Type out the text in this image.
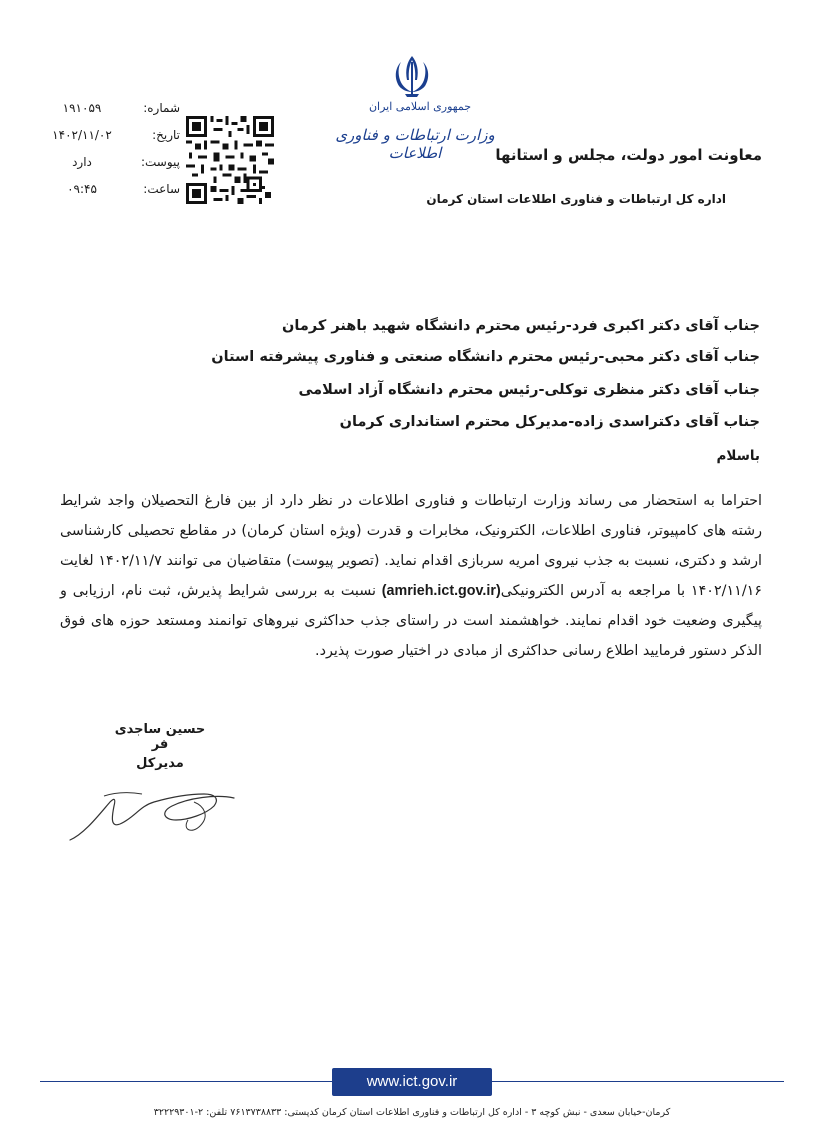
شماره:
۱۹۱۰۵۹
تاریخ:
۱۴۰۲/۱۱/۰۲
پیوست:
دارد
ساعت:
۰۹:۴۵
جمهوری اسلامی ایران
وزارت ارتباطات و فناوری اطلاعات	معاونت امور دولت، مجلس و استانها
اداره کل ارتباطات و فناوری اطلاعات استان کرمان
جناب آقای دکتر اکبری فرد-رئیس محترم دانشگاه شهید باهنر کرمان
جناب آقای دکتر محبی-رئیس محترم دانشگاه صنعتی و فناوری پیشرفته استان
جناب آقای دکتر منظری توکلی-رئیس محترم دانشگاه آزاد اسلامی
جناب آقای دکتراسدی زاده-مدیرکل محترم استانداری کرمان
باسلام
احتراما به استحضار می رساند وزارت ارتباطات و فناوری اطلاعات در نظر دارد از بین فارغ التحصیلان واجد شرایط رشته های کامپیوتر، فناوری اطلاعات، الکترونیک، مخابرات و قدرت (ویژه استان کرمان) در مقاطع تحصیلی کارشناسی ارشد و دکتری، نسبت به جذب نیروی امریه سربازی اقدام نماید. (تصویر پیوست) متقاضیان می توانند ۱۴۰۲/۱۱/۷ لغایت ۱۴۰۲/۱۱/۱۶ با مراجعه به آدرس الکترونیکی(amrieh.ict.gov.ir) نسبت به بررسی شرایط پذیرش، ثبت نام، ارزیابی و پیگیری وضعیت خود اقدام نمایند. خواهشمند است در راستای جذب حداکثری نیروهای توانمند ومستعد حوزه های فوق الذکر دستور فرمایید اطلاع رسانی حداکثری از مبادی در اختیار صورت پذیرد.
حسین ساجدی فر
مدیرکل
www.ict.gov.ir
کرمان-خیابان سعدی - نبش کوچه ۳ - اداره کل ارتباطات و فناوری اطلاعات استان کرمان کدپستی: ۷۶۱۳۷۳۸۸۳۳ تلفن: ۲-۳۲۲۲۹۳۰۱
